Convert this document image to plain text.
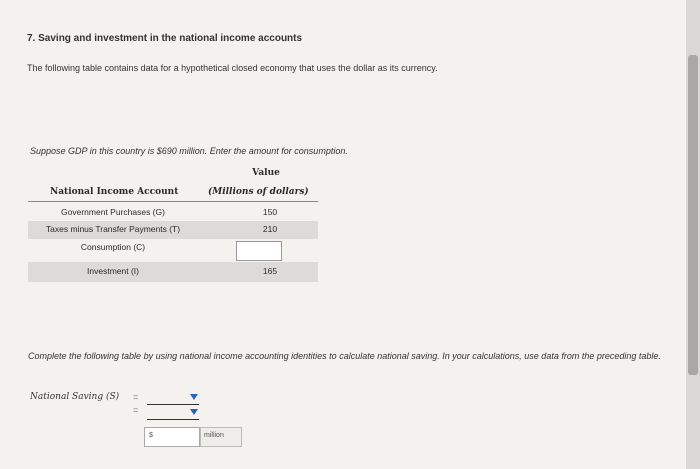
7. Saving and investment in the national income accounts
The following table contains data for a hypothetical closed economy that uses the dollar as its currency.
Suppose GDP in this country is $690 million. Enter the amount for consumption.
Value
National Income Account	(Millions of dollars)
Government Purchases (G)	150
Taxes minus Transfer Payments (T)	210
Consumption (C)
Investment (I)	165
Complete the following table by using national income accounting identities to calculate national saving. In your calculations, use data from the preceding table.
National Saving (S) =
=
$	million
